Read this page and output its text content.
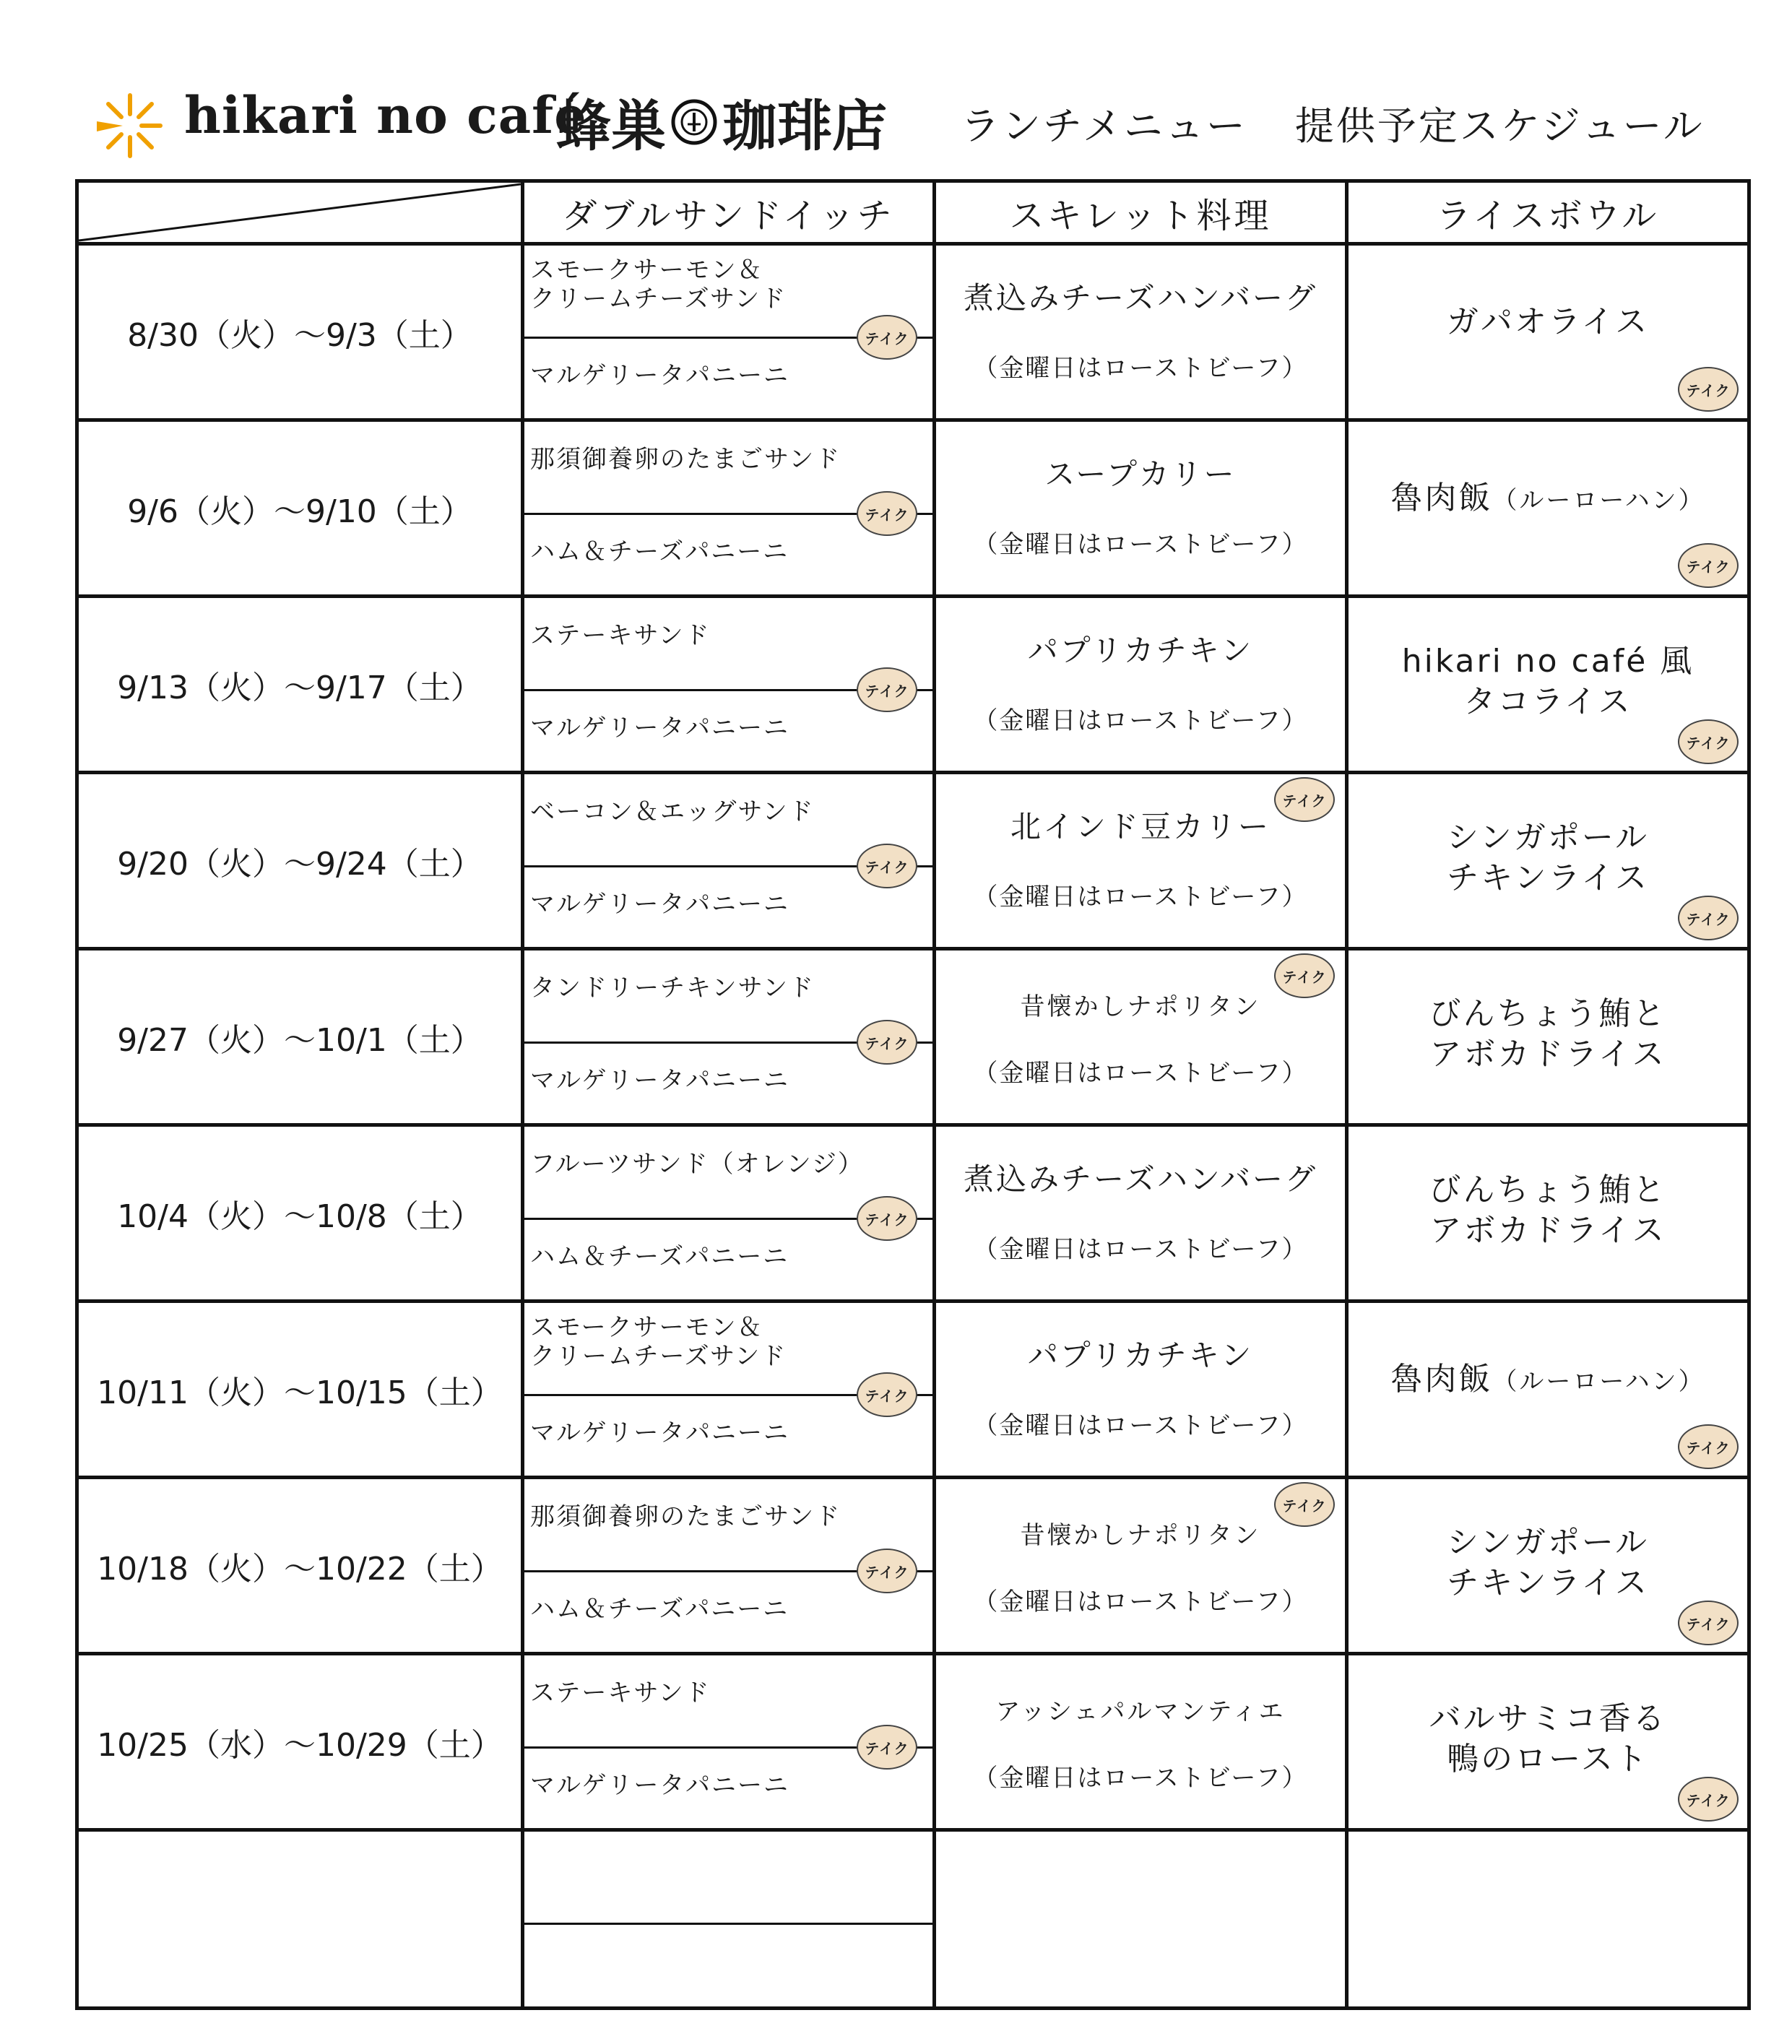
hikari no café
蜂巣 珈琲店 ランチメニュー 提供予定スケジュール
ダブルサンドイッチ	スキレット料理	ライスボウル
8/30（火）～9/3（土）
スモークサーモン＆
クリームチーズサンド
マルゲリータパニーニ
テイク
煮込みチーズハンバーグ
（金曜日はローストビーフ）
ガパオライス
テイク
9/6（火）～9/10（土）
那須御養卵のたまごサンド
ハム＆チーズパニーニ
テイク
スープカリー
（金曜日はローストビーフ）
魯肉飯（ルーローハン）
テイク
9/13（火）～9/17（土）
ステーキサンド
マルゲリータパニーニ
テイク
パプリカチキン
（金曜日はローストビーフ）
hikari no café 風
タコライス
テイク
9/20（火）～9/24（土）
ベーコン＆エッグサンド
マルゲリータパニーニ
テイク
北インド豆カリー
（金曜日はローストビーフ）
テイク
シンガポール
チキンライス
テイク
9/27（火）～10/1（土）
タンドリーチキンサンド
マルゲリータパニーニ
テイク
昔懐かしナポリタン
（金曜日はローストビーフ）
テイク
びんちょう鮪と
アボカドライス
10/4（火）～10/8（土）
フルーツサンド（オレンジ）
ハム＆チーズパニーニ
テイク
煮込みチーズハンバーグ
（金曜日はローストビーフ）
びんちょう鮪と
アボカドライス
10/11（火）～10/15（土）
スモークサーモン＆
クリームチーズサンド
マルゲリータパニーニ
テイク
パプリカチキン
（金曜日はローストビーフ）
魯肉飯（ルーローハン）
テイク
10/18（火）～10/22（土）
那須御養卵のたまごサンド
ハム＆チーズパニーニ
テイク
昔懐かしナポリタン
（金曜日はローストビーフ）
テイク
シンガポール
チキンライス
テイク
10/25（水）～10/29（土）
ステーキサンド
マルゲリータパニーニ
テイク
アッシェパルマンティエ
（金曜日はローストビーフ）
バルサミコ香る
鴨のロースト
テイク
